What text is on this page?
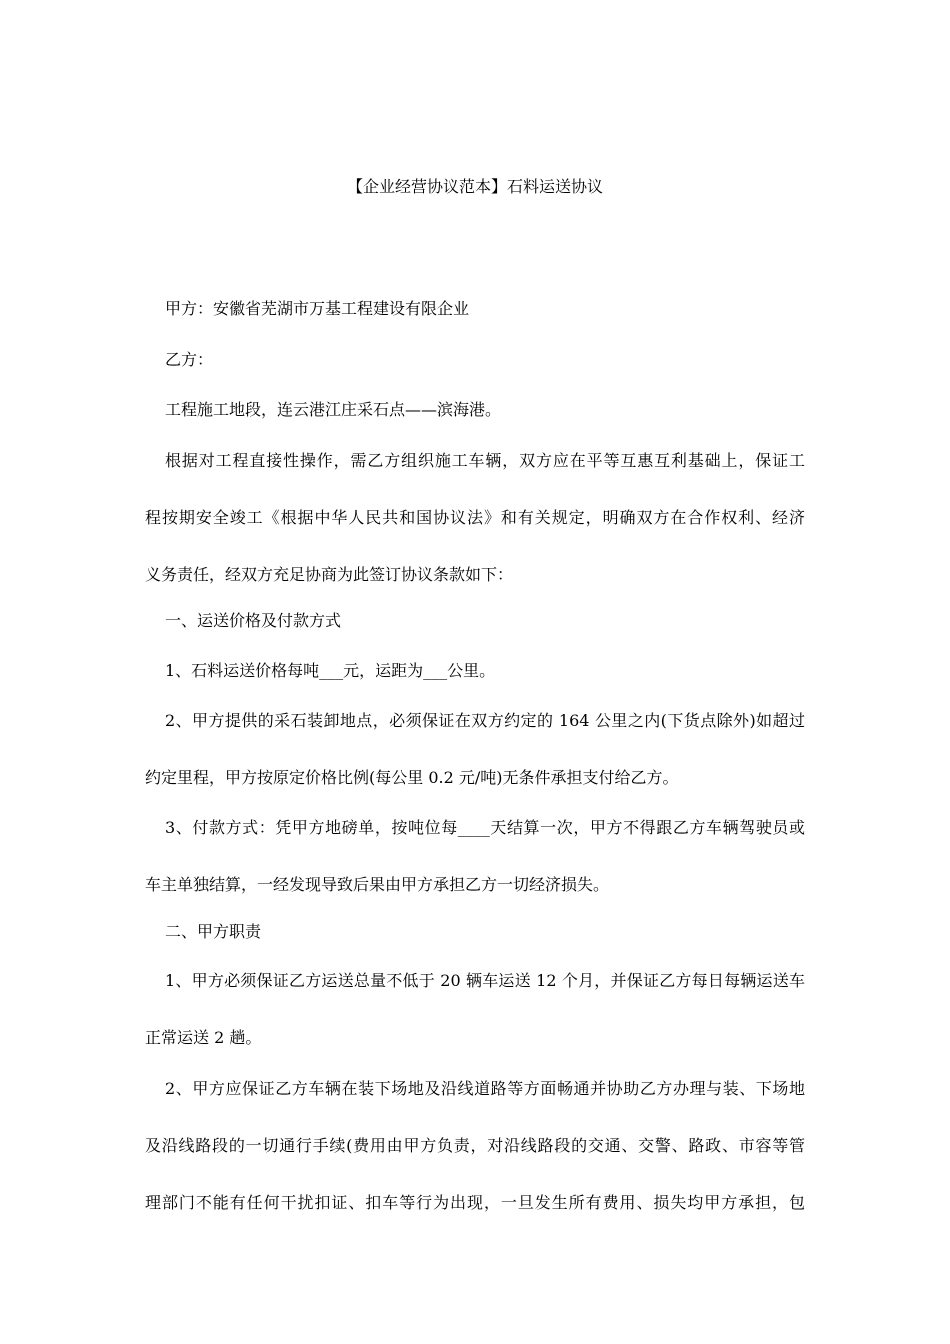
【企业经营协议范本】石料运送协议
甲方：安徽省芜湖市万基工程建设有限企业
乙方：
工程施工地段，连云港江庄采石点——滨海港。
根据对工程直接性操作，需乙方组织施工车辆，双方应在平等互惠互利基础上，保证工
程按期安全竣工《根据中华人民共和国协议法》和有关规定，明确双方在合作权利、经济
义务责任，经双方充足协商为此签订协议条款如下：
一、运送价格及付款方式
1、石料运送价格每吨___元，运距为___公里。
2、甲方提供的采石装卸地点，必须保证在双方约定的 164 公里之内(下货点除外)如超过
约定里程，甲方按原定价格比例(每公里 0.2 元/吨)无条件承担支付给乙方。
3、付款方式：凭甲方地磅单，按吨位每____天结算一次，甲方不得跟乙方车辆驾驶员或
车主单独结算，一经发现导致后果由甲方承担乙方一切经济损失。
二、甲方职责
1、甲方必须保证乙方运送总量不低于 20 辆车运送 12 个月，并保证乙方每日每辆运送车
正常运送 2 趟。
2、甲方应保证乙方车辆在装下场地及沿线道路等方面畅通并协助乙方办理与装、下场地
及沿线路段的一切通行手续(费用由甲方负责，对沿线路段的交通、交警、路政、市容等管
理部门不能有任何干扰扣证、扣车等行为出现，一旦发生所有费用、损失均甲方承担，包
